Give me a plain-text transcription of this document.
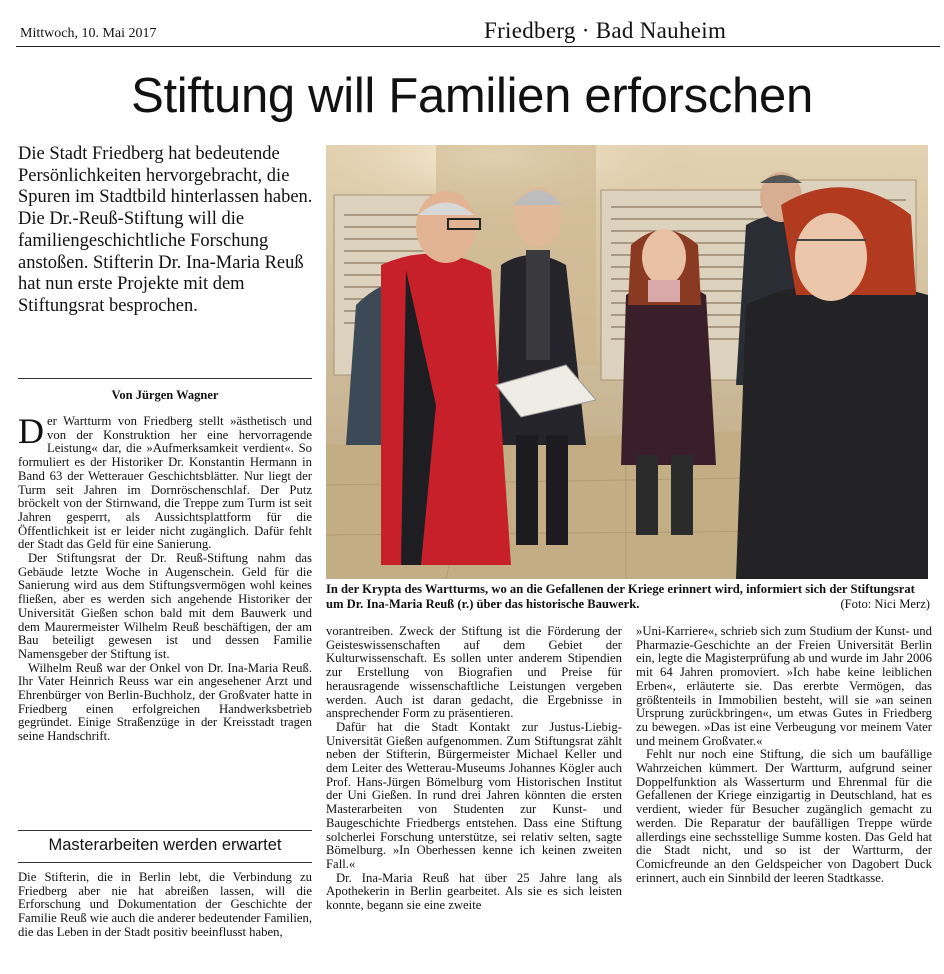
Mittwoch, 10. Mai 2017	Friedberg · Bad Nauheim
Stiftung will Familien erforschen

Die Stadt Friedberg hat bedeutende Persönlichkeiten hervorgebracht, die Spuren im Stadtbild hinterlassen haben. Die Dr.-Reuß-Stiftung will die familiengeschichtliche Forschung anstoßen. Stifterin Dr. Ina-Maria Reuß hat nun erste Projekte mit dem Stiftungsrat besprochen.

Von Jürgen Wagner

Der Wartturm von Friedberg stellt »ästhetisch und von der Konstruktion her eine hervorragende Leistung« dar, die »Aufmerksamkeit verdient«. So formuliert es der Historiker Dr. Konstantin Hermann in Band 63 der Wetterauer Geschichtsblätter. Nur liegt der Turm seit Jahren im Dornröschenschlaf. Der Putz bröckelt von der Stirnwand, die Treppe zum Turm ist seit Jahren gesperrt, als Aussichtsplattform für die Öffentlichkeit ist er leider nicht zugänglich. Dafür fehlt der Stadt das Geld für eine Sanierung.

Der Stiftungsrat der Dr. Reuß-Stiftung nahm das Gebäude letzte Woche in Augenschein. Geld für die Sanierung wird aus dem Stiftungsvermögen wohl keines fließen, aber es werden sich angehende Historiker der Universität Gießen schon bald mit dem Bauwerk und dem Maurermeister Wilhelm Reuß beschäftigen, der am Bau beteiligt gewesen ist und dessen Familie Namensgeber der Stiftung ist.

Wilhelm Reuß war der Onkel von Dr. Ina-Maria Reuß. Ihr Vater Heinrich Reuss war ein angesehener Arzt und Ehrenbürger von Berlin-Buchholz, der Großvater hatte in Friedberg einen erfolgreichen Handwerksbetrieb gegründet. Einige Straßenzüge in der Kreisstadt tragen seine Handschrift.

Masterarbeiten werden erwartet

Die Stifterin, die in Berlin lebt, die Verbindung zu Friedberg aber nie hat abreißen lassen, will die Erforschung und Dokumentation der Geschichte der Familie Reuß wie auch die anderer bedeutender Familien, die das Leben in der Stadt positiv beeinflusst haben,

In der Krypta des Wartturms, wo an die Gefallenen der Kriege erinnert wird, informiert sich der Stiftungsrat um Dr. Ina-Maria Reuß (r.) über das historische Bauwerk.	(Foto: Nici Merz)

vorantreiben. Zweck der Stiftung ist die Förderung der Geisteswissenschaften auf dem Gebiet der Kulturwissenschaft. Es sollen unter anderem Stipendien zur Erstellung von Biografien und Preise für herausragende wissenschaftliche Leistungen vergeben werden. Auch ist daran gedacht, die Ergebnisse in ansprechender Form zu präsentieren.

Dafür hat die Stadt Kontakt zur Justus-Liebig-Universität Gießen aufgenommen. Zum Stiftungsrat zählt neben der Stifterin, Bürgermeister Michael Keller und dem Leiter des Wetterau-Museums Johannes Kögler auch Prof. Hans-Jürgen Bömelburg vom Historischen Institut der Uni Gießen. In rund drei Jahren könnten die ersten Masterarbeiten von Studenten zur Kunst- und Baugeschichte Friedbergs entstehen. Dass eine Stiftung solcherlei Forschung unterstütze, sei relativ selten, sagte Bömelburg. »In Oberhessen kenne ich keinen zweiten Fall.«

Dr. Ina-Maria Reuß hat über 25 Jahre lang als Apothekerin in Berlin gearbeitet. Als sie es sich leisten konnte, begann sie eine zweite

»Uni-Karriere«, schrieb sich zum Studium der Kunst- und Pharmazie-Geschichte an der Freien Universität Berlin ein, legte die Magisterprüfung ab und wurde im Jahr 2006 mit 64 Jahren promoviert. »Ich habe keine leiblichen Erben«, erläuterte sie. Das ererbte Vermögen, das größtenteils in Immobilien besteht, will sie »an seinen Ursprung zurückbringen«, um etwas Gutes in Friedberg zu bewegen. »Das ist eine Verbeugung vor meinem Vater und meinem Großvater.«

Fehlt nur noch eine Stiftung, die sich um baufällige Wahrzeichen kümmert. Der Wartturm, aufgrund seiner Doppelfunktion als Wasserturm und Ehrenmal für die Gefallenen der Kriege einzigartig in Deutschland, hat es verdient, wieder für Besucher zugänglich gemacht zu werden. Die Reparatur der baufälligen Treppe würde allerdings eine sechsstellige Summe kosten. Das Geld hat die Stadt nicht, und so ist der Wartturm, der Comicfreunde an den Geldspeicher von Dagobert Duck erinnert, auch ein Sinnbild der leeren Stadtkasse.
